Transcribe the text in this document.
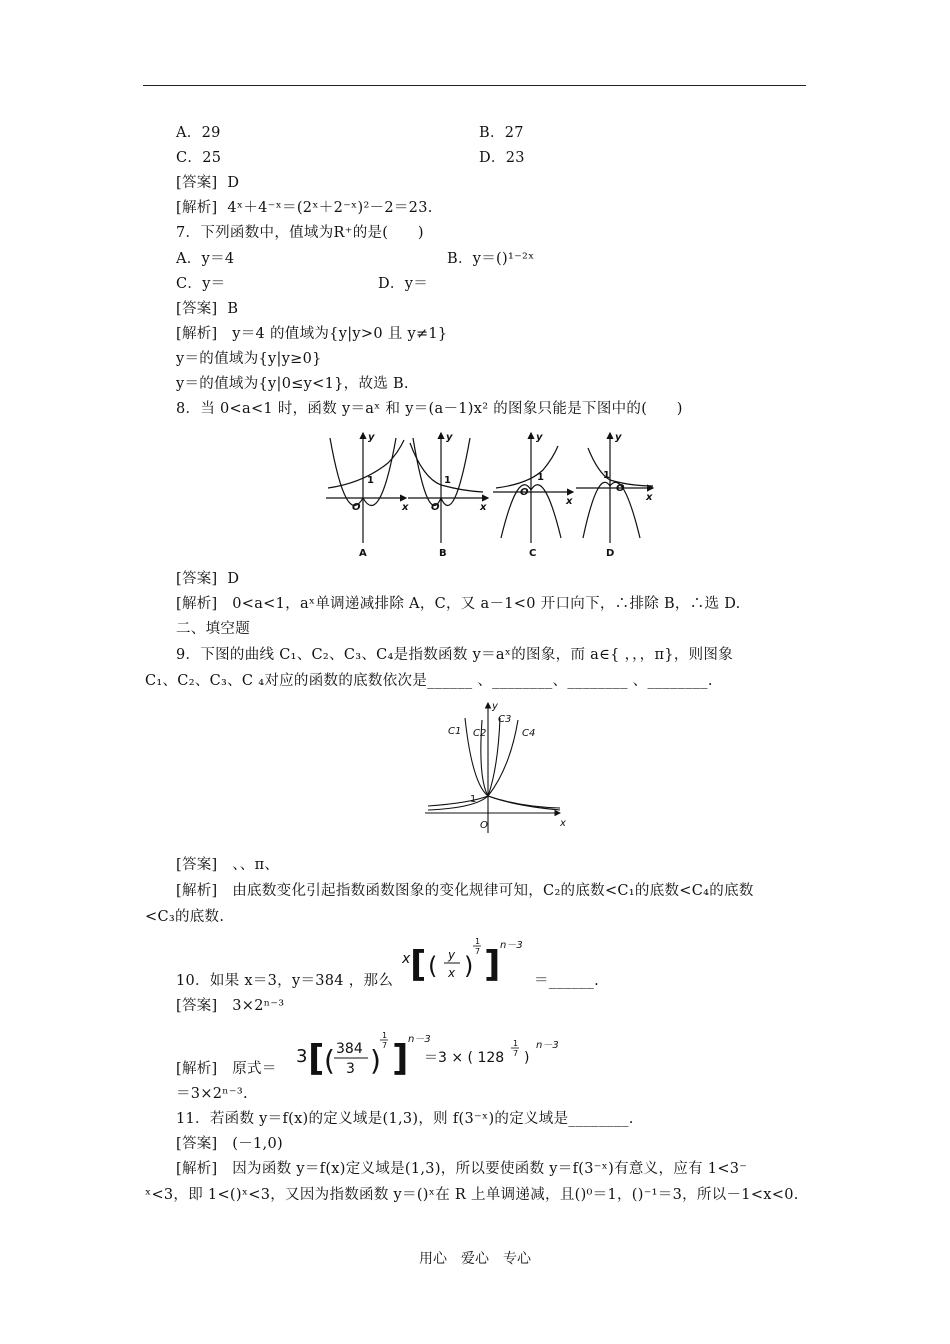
A．29	B．27
C．25	D．23
[答案] D
[解析] 4ˣ＋4⁻ˣ＝(2ˣ＋2⁻ˣ)²－2＝23.
7．下列函数中，值域为R⁺的是(　　)
A．y＝4	B．y＝()¹⁻²ˣ
C．y＝	D．y＝
[答案] B
[解析] y＝4 的值域为{y|y>0 且 y≠1}
y＝的值域为{y|y≥0}
y＝的值域为{y|0≤y<1}，故选 B.
8．当 0<a<1 时，函数 y＝aˣ 和 y＝(a－1)x² 的图象只能是下图中的(　　)
y
x
O
y
x
O
y
x
O
y
x
O
1	1	1	1
A	B	C	D
[答案] D
[解析] 0<a<1，aˣ单调递减排除 A，C，又 a－1<0 开口向下，∴排除 B，∴选 D.
二、填空题
9．下图的曲线 C₁、C₂、C₃、C₄是指数函数 y＝aˣ的图象，而 a∈{ ，，，π}，则图象
C₁、C₂、C₃、C ₄对应的函数的底数依次是______ 、________、________ 、________.
y
x
O
C1 C2
C3
C4
1
[答案] 、、π、
[解析] 由底数变化引起指数函数图象的变化规律可知，C₂的底数<C₁的底数<C₄的底数
<C₃的底数.
10．如果 x＝3，y＝384 ，那么
x [ ( y
x )
1
7 ] n－3
＝______.
[答案] 3×2ⁿ⁻³
[解析] 原式＝
3 [ ( 384
3 )
1
7 ] n－3
＝3 × ( 128
1
7 )
n－3
＝3×2ⁿ⁻³.
11．若函数 y＝f(x)的定义域是(1,3)，则 f(3⁻ˣ)的定义域是________.
[答案] (－1,0)
[解析] 因为函数 y＝f(x)定义域是(1,3)，所以要使函数 y＝f(3⁻ˣ)有意义，应有 1<3⁻
ˣ<3，即 1<()ˣ<3，又因为指数函数 y＝()ˣ在 R 上单调递减，且()⁰＝1，()⁻¹＝3，所以－1<x<0.
用心　爱心　专心
